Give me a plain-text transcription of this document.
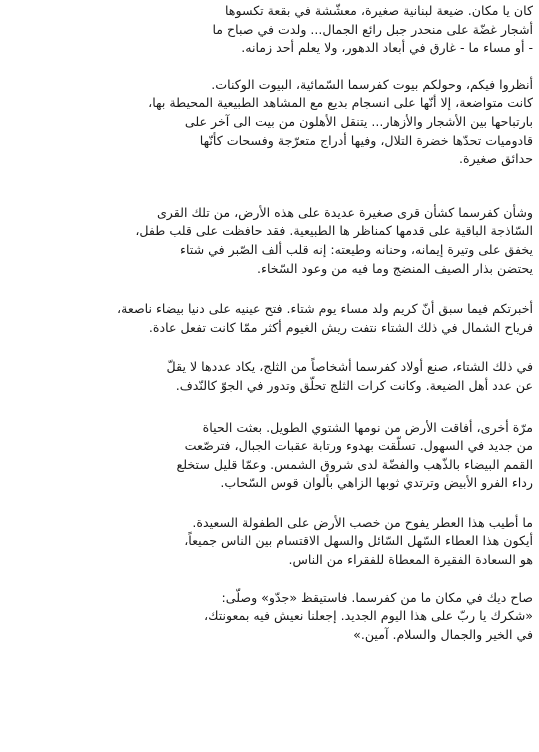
كان يا مكان. ضيعة لبنانية صغيرة، معشّشة في بقعة تكسوها
أشجار غضّة على منحدر جبل رائع الجمال... ولدت في صباح ما
- أو مساء ما - غارق في أبعاد الدهور، ولا يعلم أحد زمانه.

أنظروا فيكم، وحولكم بيوت كفرسما السّمائية، البيوت الوكنات.
كانت متواضعة، إلا أنّها على انسجام بديع مع المشاهد الطبيعية المحيطة بها،
بارتباحها بين الأشجار والأزهار... يتنقل الأهلون من بيت الى آخر على
قادوميات تحدّها خضرة التلال، وفيها أدراج متعرّجة وفسحات كأنّها
حدائق صغيرة.

وشأن كفرسما كشأن قرى صغيرة عديدة على هذه الأرض، من تلك القرى
السّاذجة الباقية على قدمها كمناظر ها الطبيعية. فقد حافظت على قلب طفل،
يخفق على وتيرة إيمانه، وحنانه وطيعته: إنه قلب ألف الصّبر في شتاء
يحتضن بذار الصيف المنضج وما فيه من وعود السّخاء.

أخبرتكم فيما سبق أنّ كريم ولد مساء يوم شتاء. فتح عينيه على دنيا بيضاء ناصعة،
فرياح الشمال في ذلك الشتاء نتفت ريش الغيوم أكثر ممّا كانت تفعل عادة.

في ذلك الشتاء، صنع أولاد كفرسما أشخاصاً من الثلج، يكاد عددها لا يقلّ
عن عدد أهل الضيعة. وكانت كرات الثلج تحلّق وتدور في الجوّ كالنّدف.

مرّة أخرى، أفاقت الأرض من نومها الشتوي الطويل. بعثت الحياة
من جديد في السهول. تسلّقت بهدوء ورتابة عقبات الجبال، فترصّعت
القمم البيضاء بالذّهب والفضّة لدى شروق الشمس. وعمّا قليل ستخلع
رداء الفرو الأبيض وترتدي ثوبها الزاهي بألوان قوس السّحاب.

ما أطيب هذا العطر يفوح من خصب الأرض على الطفولة السعيدة.
أيكون هذا العطاء السّهل السّائل والسهل الاقتسام بين الناس جميعاً،
هو السعادة الفقيرة المعطاة للفقراء من الناس.

صاح ديك في مكان ما من كفرسما. فاستيقظ «جدّو» وصلّى:
«شكرك يا ربّ على هذا اليوم الجديد. إجعلنا نعيش فيه بمعونتك،
في الخير والجمال والسلام. آمين.»
